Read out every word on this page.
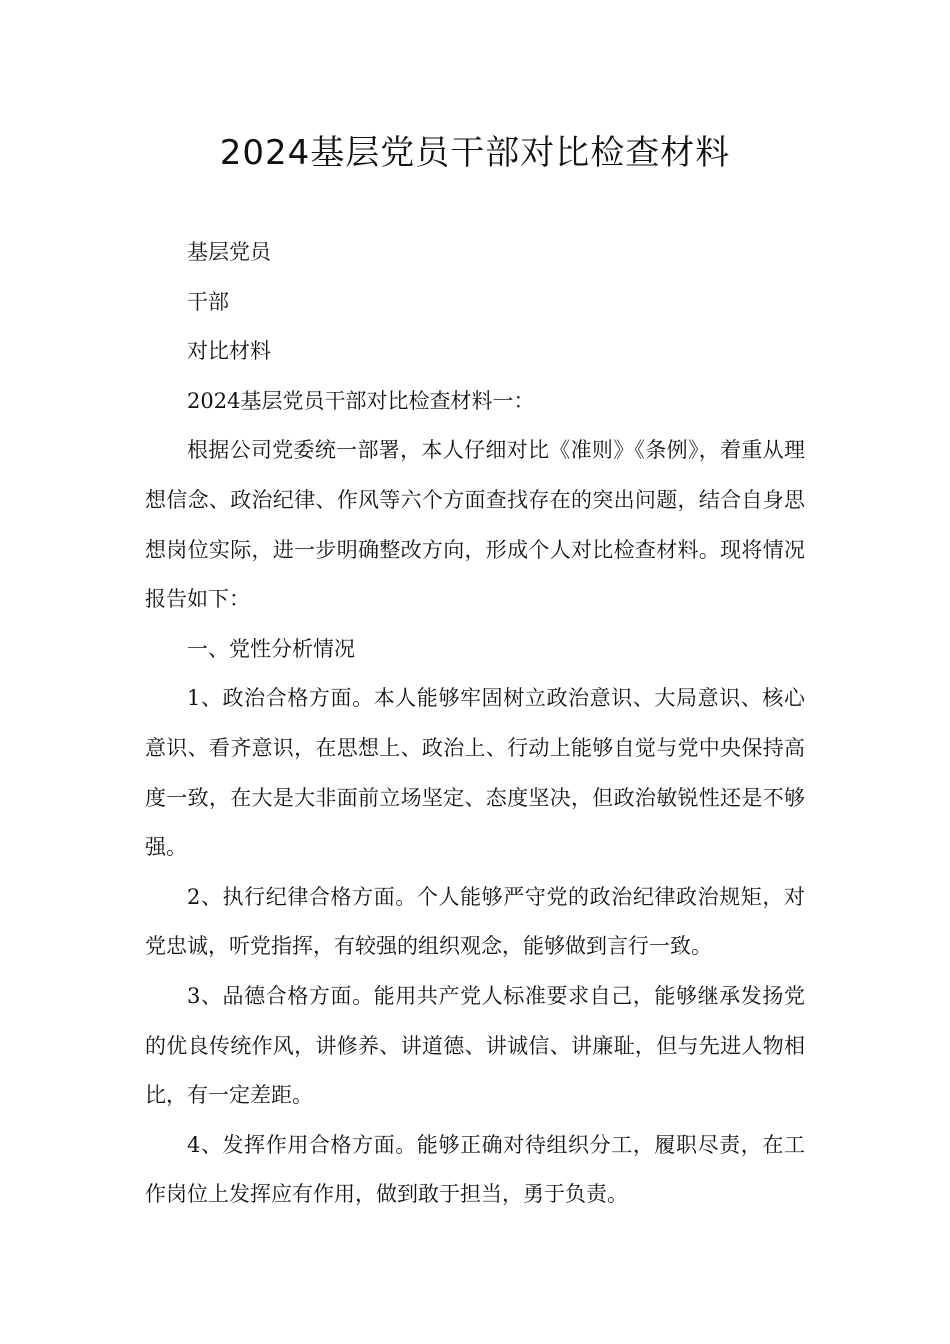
2024基层党员干部对比检查材料

基层党员

干部

对比材料

2024基层党员干部对比检查材料一：

根据公司党委统一部署，本人仔细对比《准则》《条例》，着重从理想信念、政治纪律、作风等六个方面查找存在的突出问题，结合自身思想岗位实际，进一步明确整改方向，形成个人对比检查材料。现将情况报告如下：

一、党性分析情况

1、政治合格方面。本人能够牢固树立政治意识、大局意识、核心意识、看齐意识，在思想上、政治上、行动上能够自觉与党中央保持高度一致，在大是大非面前立场坚定、态度坚决，但政治敏锐性还是不够强。

2、执行纪律合格方面。个人能够严守党的政治纪律政治规矩，对党忠诚，听党指挥，有较强的组织观念，能够做到言行一致。

3、品德合格方面。能用共产党人标准要求自己，能够继承发扬党的优良传统作风，讲修养、讲道德、讲诚信、讲廉耻，但与先进人物相比，有一定差距。

4、发挥作用合格方面。能够正确对待组织分工，履职尽责，在工作岗位上发挥应有作用，做到敢于担当，勇于负责。
